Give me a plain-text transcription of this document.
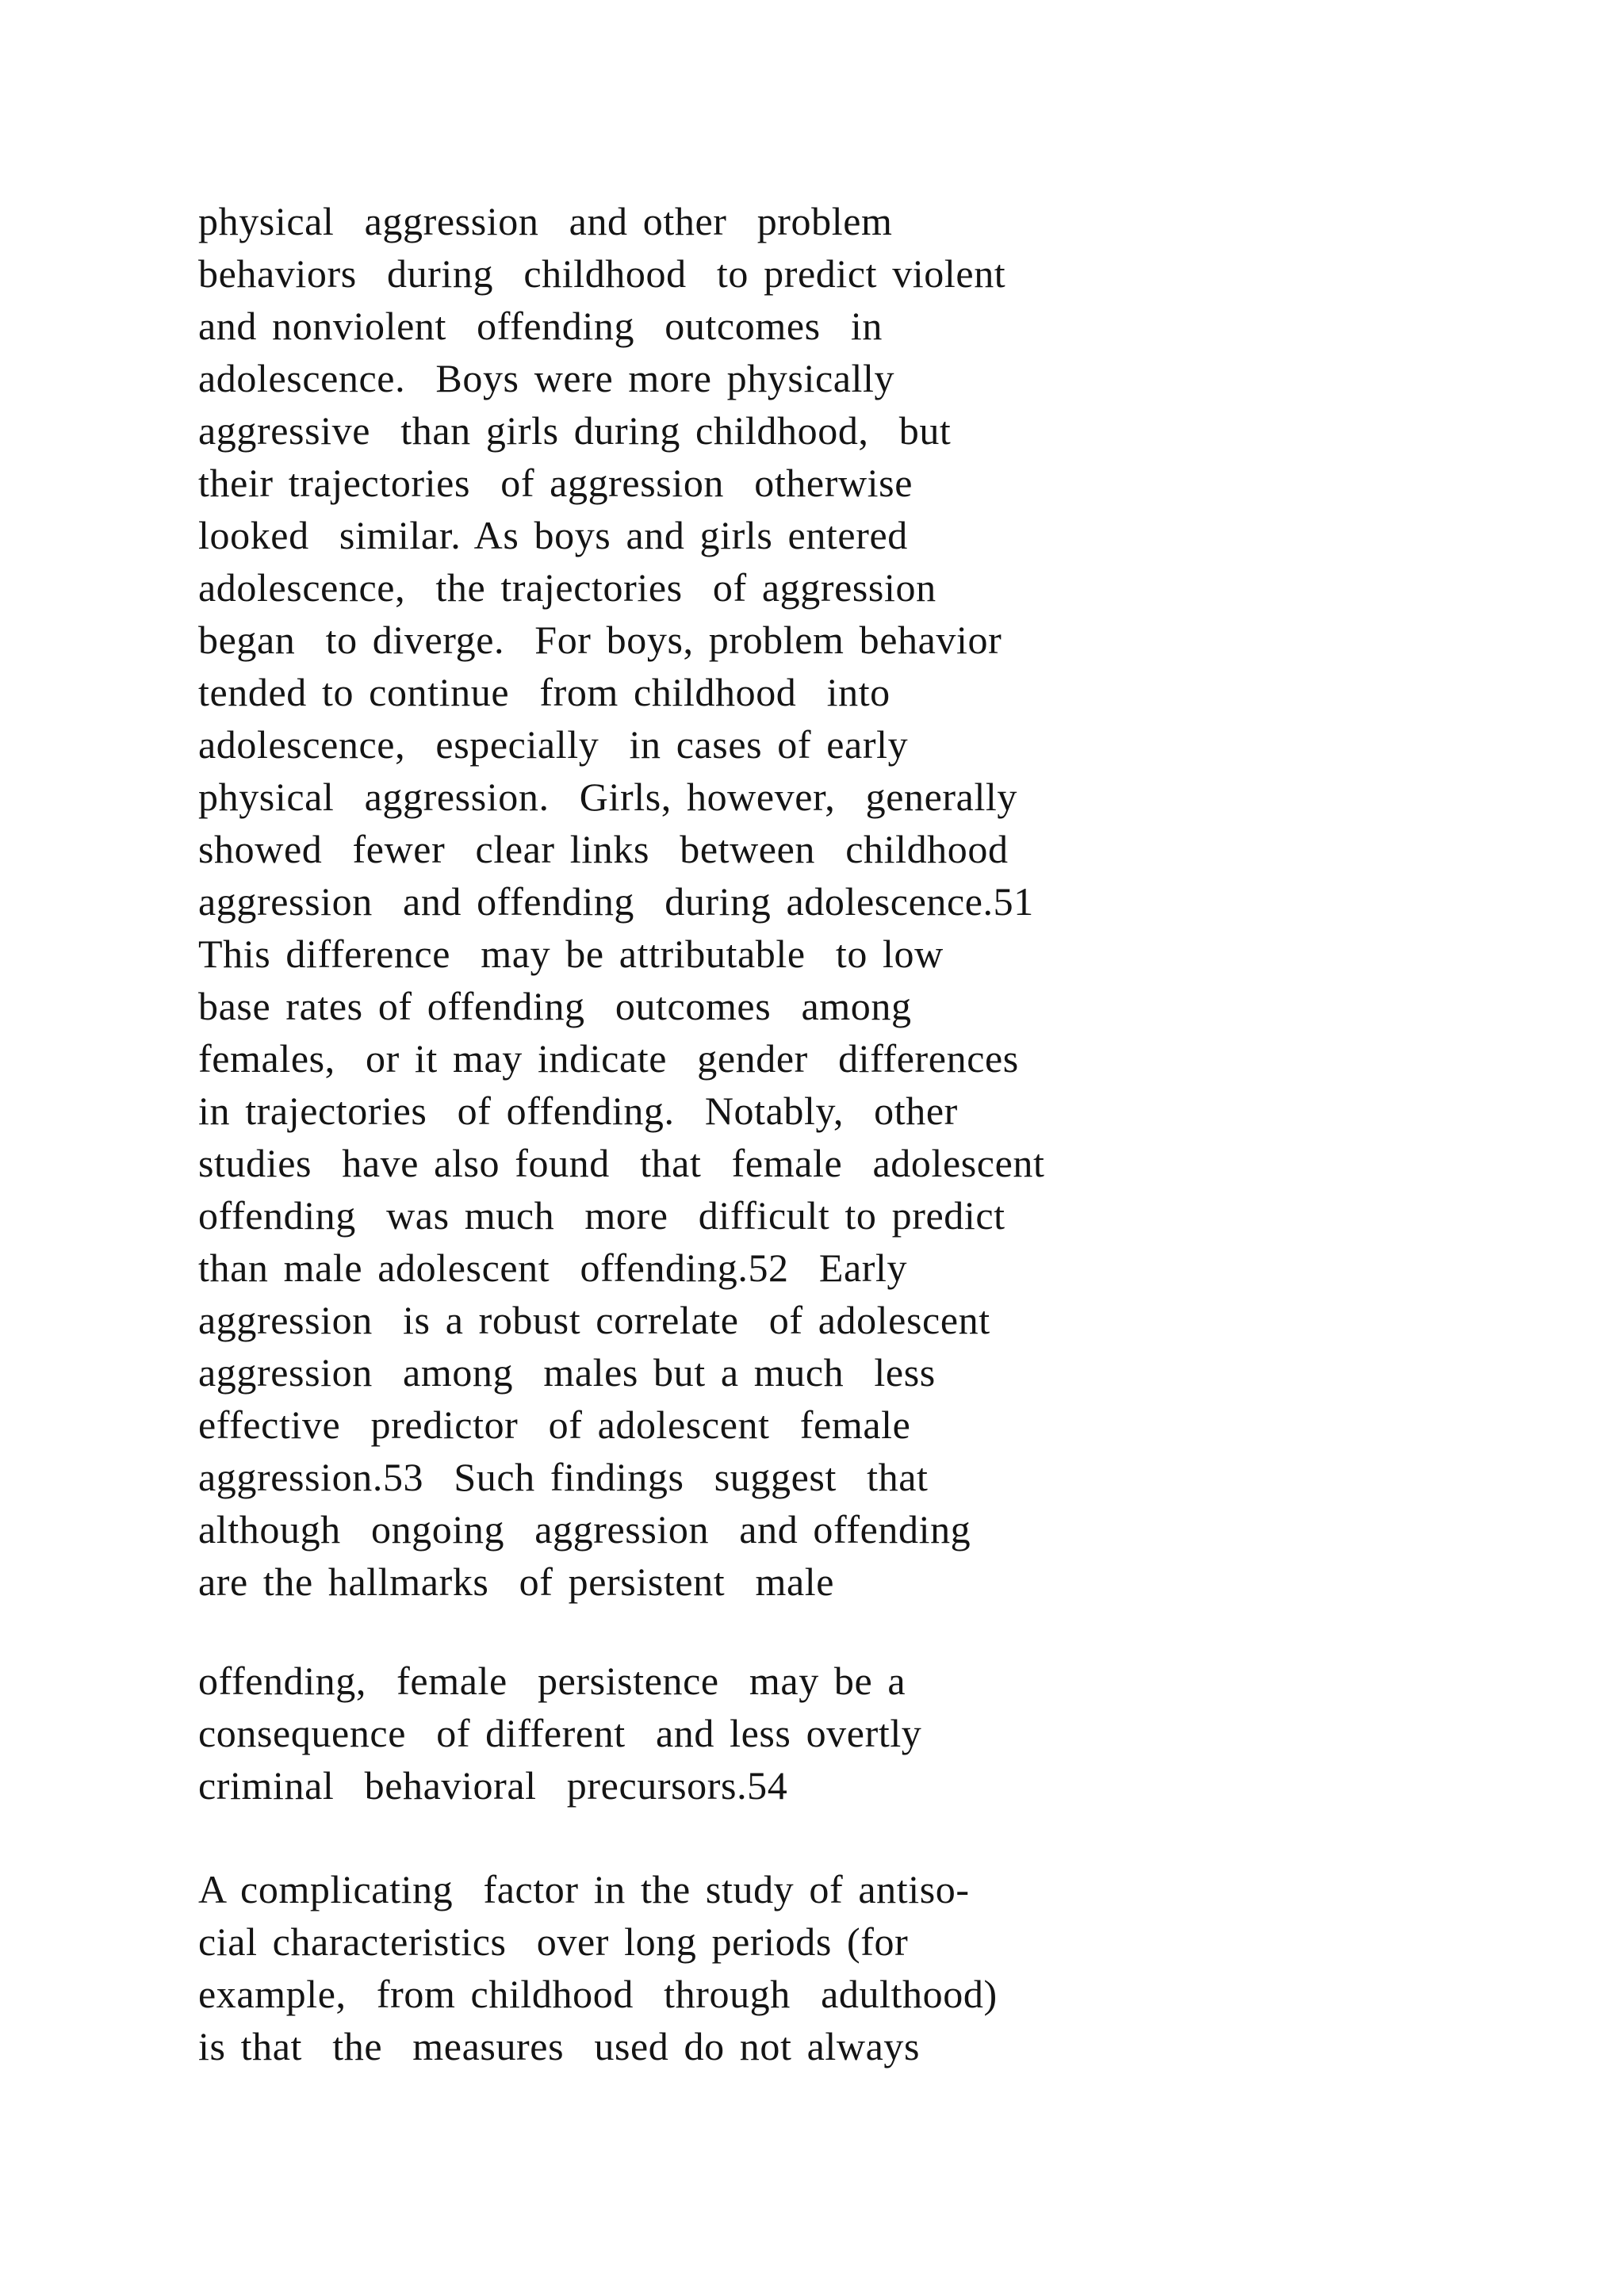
physical  aggression  and other  problem
behaviors  during  childhood  to predict violent
and nonviolent  offending  outcomes  in
adolescence.  Boys were more physically
aggressive  than girls during childhood,  but
their trajectories  of aggression  otherwise
looked  similar. As boys and girls entered
adolescence,  the trajectories  of aggression
began  to diverge.  For boys, problem behavior
tended to continue  from childhood  into
adolescence,  especially  in cases of early
physical  aggression.  Girls, however,  generally
showed  fewer  clear links  between  childhood
aggression  and offending  during adolescence.51
This difference  may be attributable  to low
base rates of offending  outcomes  among
females,  or it may indicate  gender  differences
in trajectories  of offending.  Notably,  other
studies  have also found  that  female  adolescent
offending  was much  more  difficult to predict
than male adolescent  offending.52  Early
aggression  is a robust correlate  of adolescent
aggression  among  males but a much  less
effective  predictor  of adolescent  female
aggression.53  Such findings  suggest  that
although  ongoing  aggression  and offending
are the hallmarks  of persistent  male
offending,  female  persistence  may be a
consequence  of different  and less overtly
criminal  behavioral  precursors.54
A complicating  factor in the study of antiso-
cial characteristics  over long periods (for
example,  from childhood  through  adulthood)
is that  the  measures  used do not always
